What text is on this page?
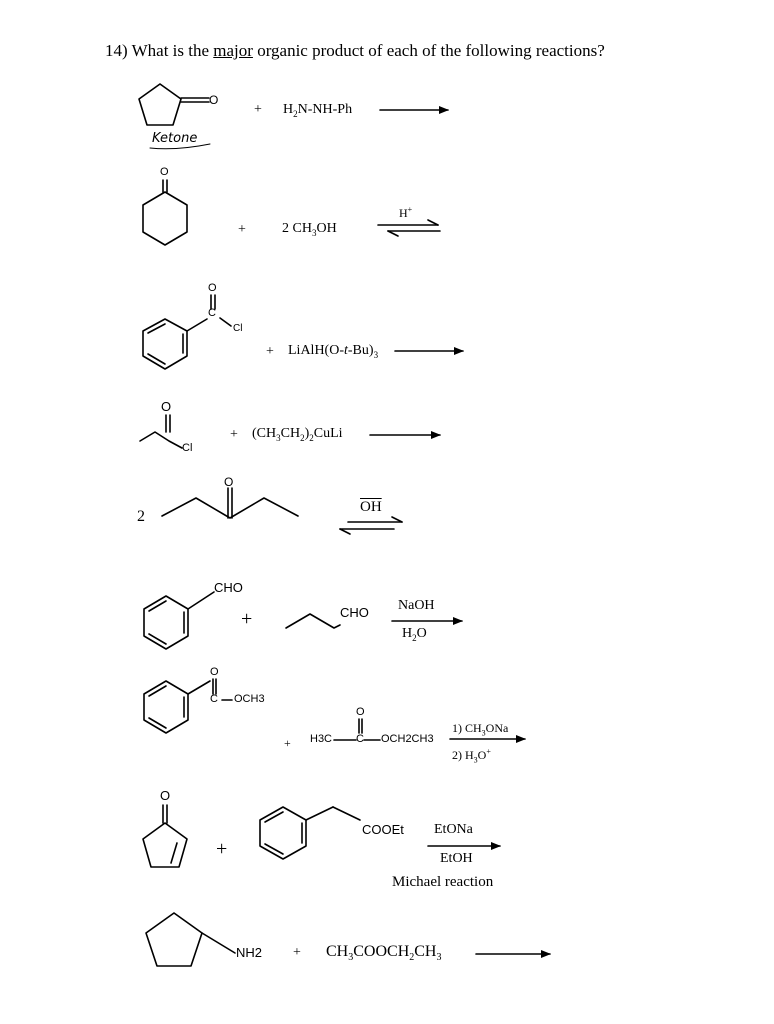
14) What is the major organic product of each of the following reactions?
O
Ketone
+ $H_2N-NH-Ph$
O
+	2 $CH_3OH$
H+
O
C
Cl
+ $LiAlH(O-t-Bu)_3$
O
Cl
+ $(CH_3CH_2)_2CuLi$
2
O
$\overline{OH}$
CHO
+	CHO NaOH
$H_2O$
O
C OCH3
+
O
H3C C OCH2CH3
1) $CH_3ONa$
2) $H_3O^+$
O
+
COOEt EtONa
EtOH
Michael reaction
$NH2 + CH_3COOCH_2CH_3$
